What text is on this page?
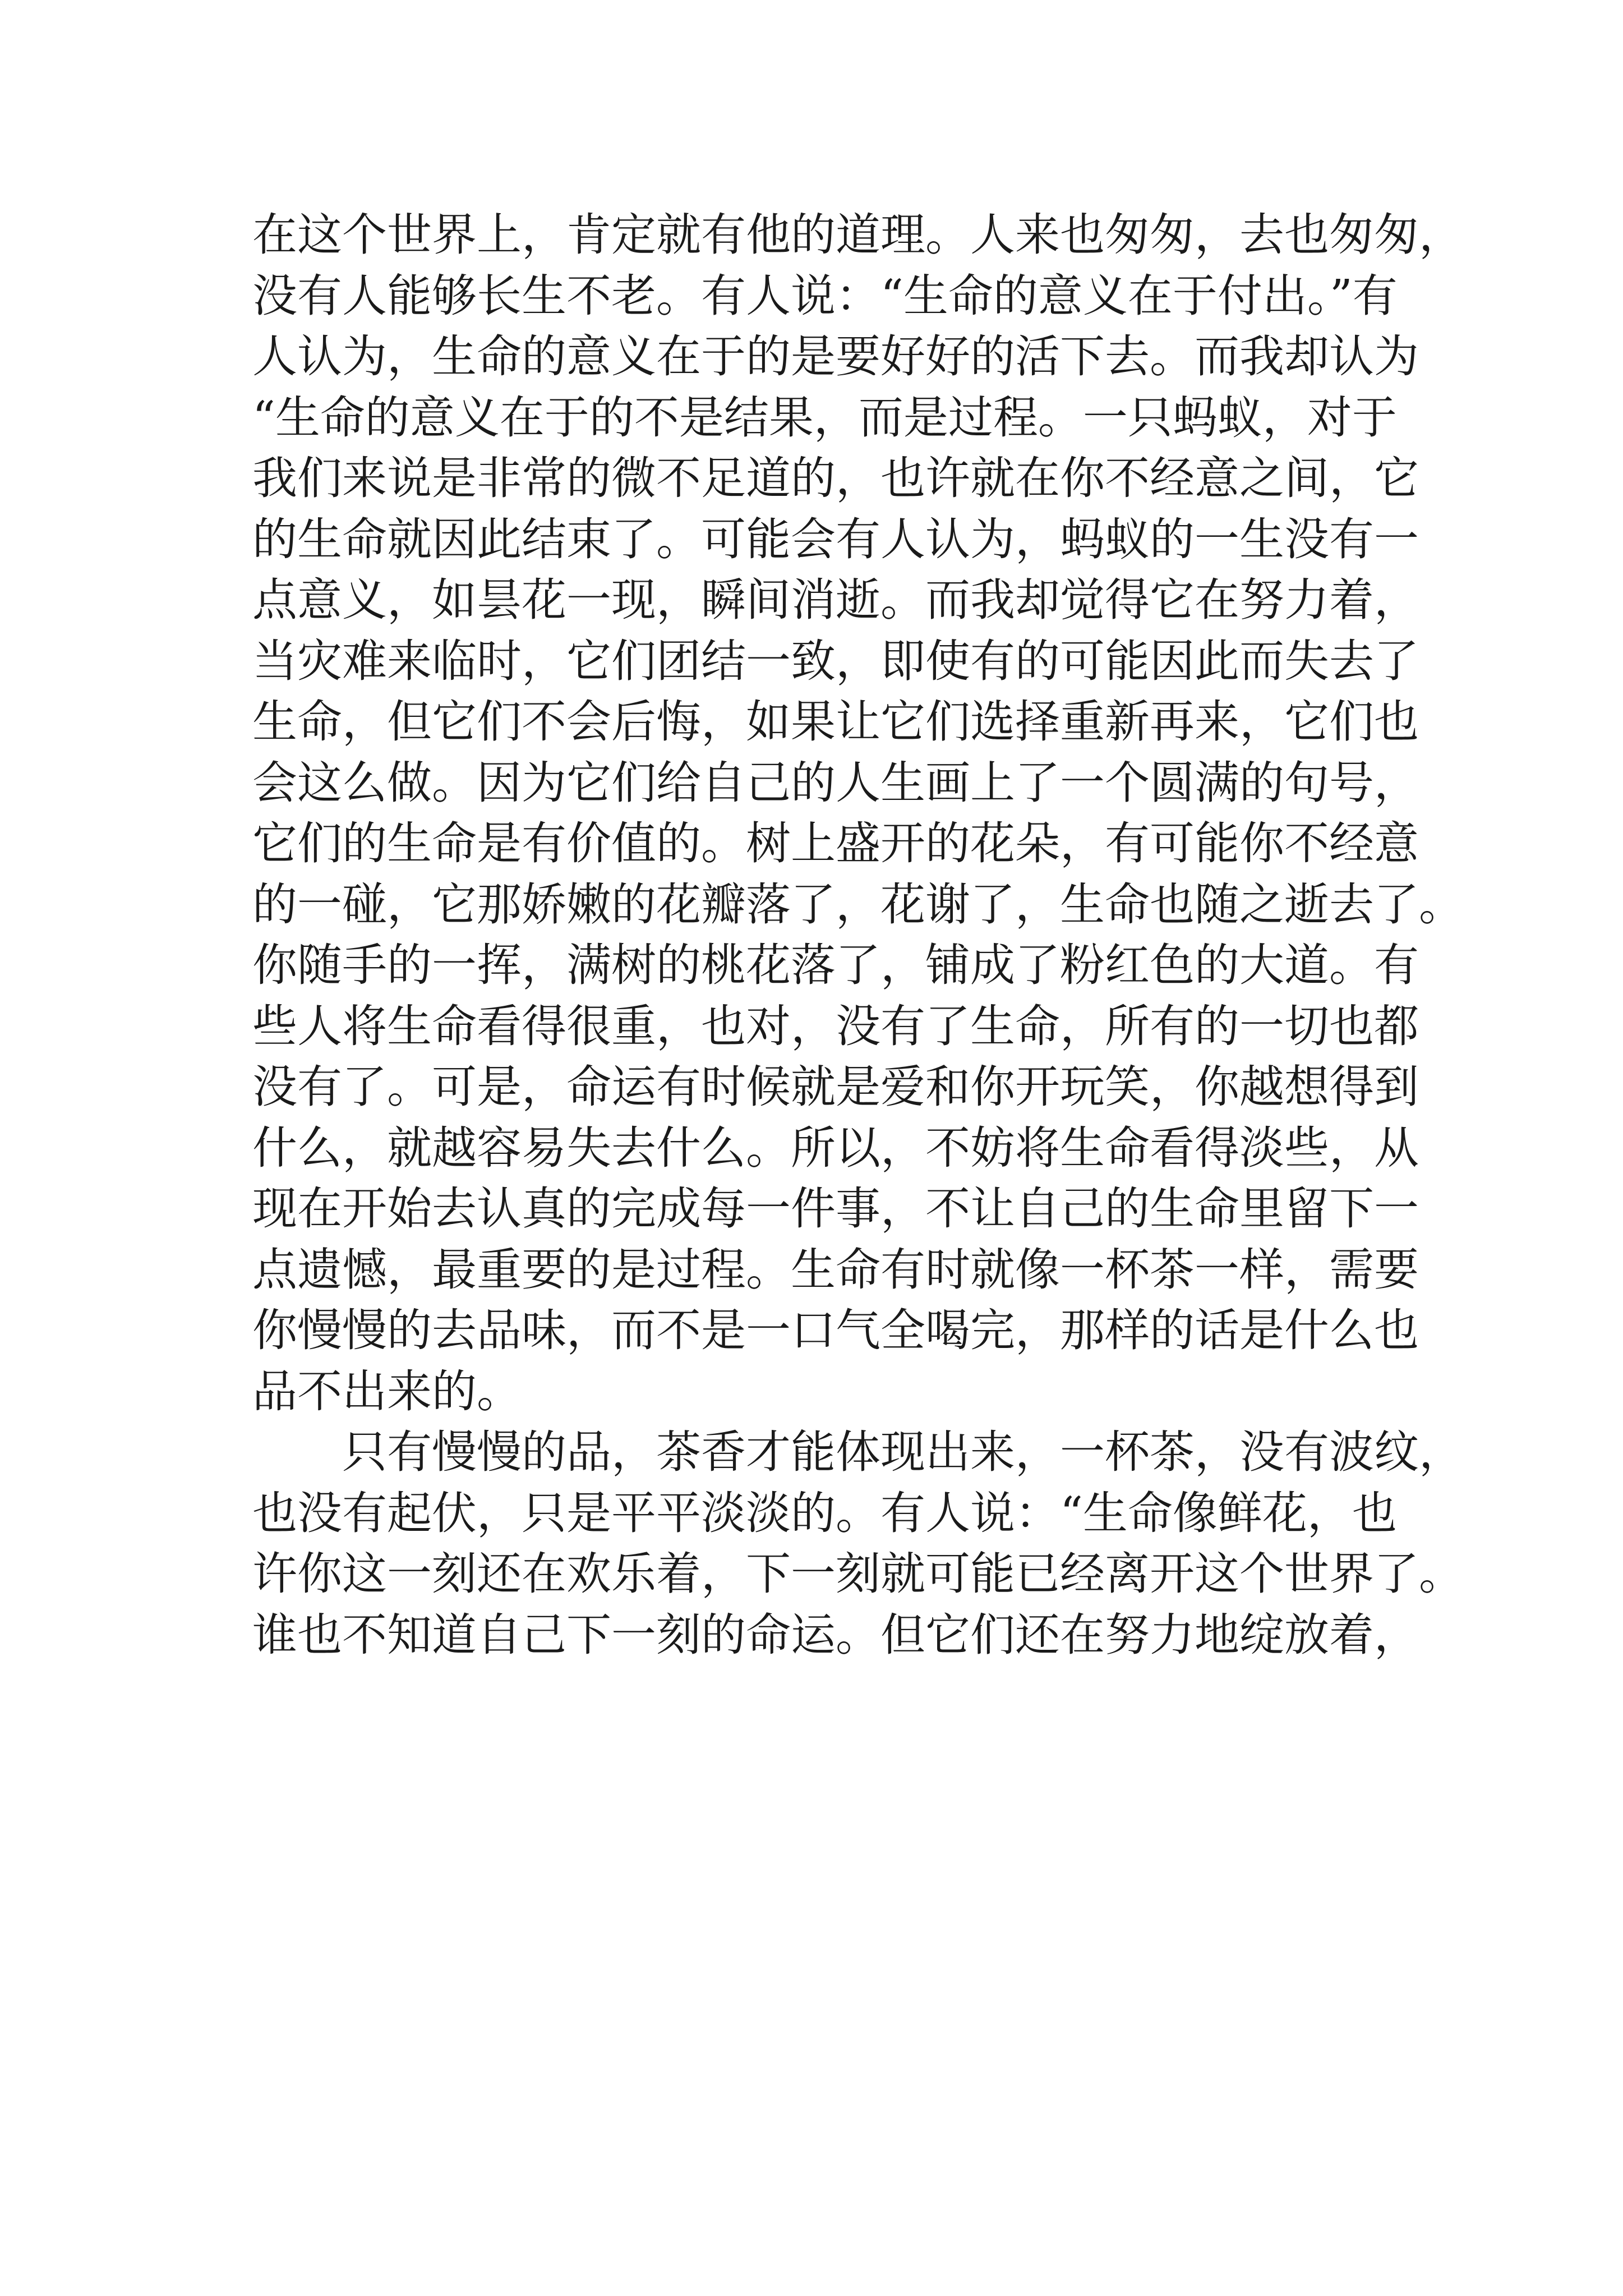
在这个世界上，肯定就有他的道理。人来也匆匆，去也匆匆，
没有人能够长生不老。有人说：“生命的意义在于付出。”有
人认为，生命的意义在于的是要好好的活下去。而我却认为
“生命的意义在于的不是结果，而是过程。一只蚂蚁，对于
我们来说是非常的微不足道的，也许就在你不经意之间，它
的生命就因此结束了。可能会有人认为，蚂蚁的一生没有一
点意义，如昙花一现，瞬间消逝。而我却觉得它在努力着，
当灾难来临时，它们团结一致，即使有的可能因此而失去了
生命，但它们不会后悔，如果让它们选择重新再来，它们也
会这么做。因为它们给自己的人生画上了一个圆满的句号，
它们的生命是有价值的。树上盛开的花朵，有可能你不经意
的一碰，它那娇嫩的花瓣落了，花谢了，生命也随之逝去了。
你随手的一挥，满树的桃花落了，铺成了粉红色的大道。有
些人将生命看得很重，也对，没有了生命，所有的一切也都
没有了。可是，命运有时候就是爱和你开玩笑，你越想得到
什么，就越容易失去什么。所以，不妨将生命看得淡些，从
现在开始去认真的完成每一件事，不让自己的生命里留下一
点遗憾，最重要的是过程。生命有时就像一杯茶一样，需要
你慢慢的去品味，而不是一口气全喝完，那样的话是什么也
品不出来的。
只有慢慢的品，茶香才能体现出来，一杯茶，没有波纹，
也没有起伏，只是平平淡淡的。有人说：“生命像鲜花，也
许你这一刻还在欢乐着，下一刻就可能已经离开这个世界了。
谁也不知道自己下一刻的命运。但它们还在努力地绽放着，
